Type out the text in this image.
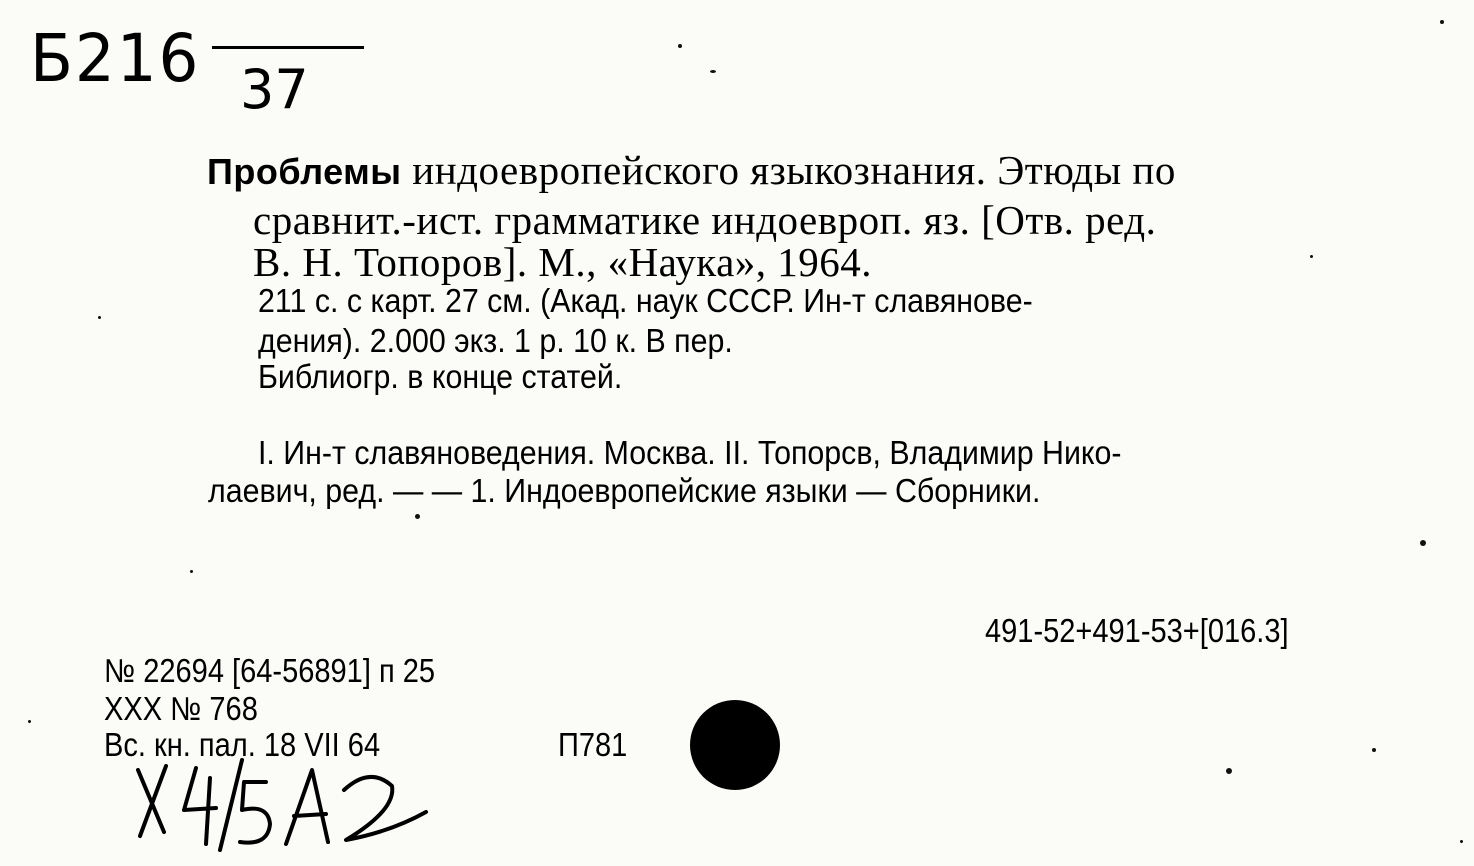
Б216 37
Проблемы индоевропейского языкознания. Этюды по
сравнит.-ист. грамматике индоевроп. яз. [Отв. ред.
В. Н. Топоров]. М., «Наука», 1964.
211 с. с карт. 27 см. (Акад. наук СССР. Ин-т славянове-
дения). 2.000 экз. 1 р. 10 к. В пер.
Библиогр. в конце статей.
I. Ин-т славяноведения. Москва. II. Топорсв, Владимир Нико-
лаевич, ред. — — 1. Индоевропейские языки — Сборники.
491-52+491-53+[016.3]
№ 22694 [64-56891] п 25
XXX № 768
Вс. кн. пал. 18 VII 64	П781
